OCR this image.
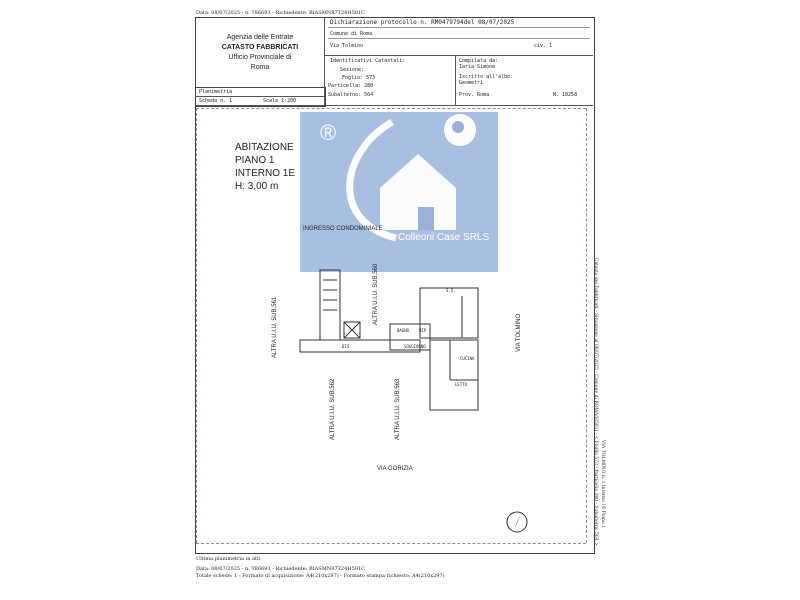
Data: 08/07/2025 - n. T86693 - Richiedente: BIASMN87T24H501C
Agenzia delle Entrate
CATASTO FABBRICATI
Ufficio Provinciale di
Roma
Dichiarazione protocollo n. RM0479794del 08/07/2025
Comune di Roma
Via Tolmino	civ. 1
Identificativi Catastali:
Sezione:
Foglio: 573
Particella: 280
Subalterno: 564
Compilata da:
Iaria Simone
Iscritto all'albo:
Geometri
Prov. Roma	N. 10258
Planimetria
Scheda n. 1	Scala 1:200
ABITAZIONE
PIANO 1
INTERNO 1E
H: 3,00 m
®
Colleoni Case SRLS
INGRESSO CONDOMINIALE
BAGNO RIP
DIS	SOGGIORNO
CUCINA
LETTO
S.S.
ALTRA U.I.U. SUB.561
ALTRA U.I.U. SUB.560
ALTRA U.I.U. SUB.562	ALTRA U.I.U. SUB.563
VIA TOLMINO
VIA GORIZIA	Catasto dei Fabbricati - Situazione al 08/07/2025 - Comune di ROMA(H501) - < Foglio 573 - Particella 280 - Subalterno 564 > VIA TOLMINO n. 1 Interno 1E Piano 1
Ultima planimetria in atti
Data: 08/07/2025 - n. T86693 - Richiedente: BIASMN87T24H501C
Totale schede: 1 - Formato di acquisizione: A4(210x297) - Formato stampa richiesto: A4(210x297)
